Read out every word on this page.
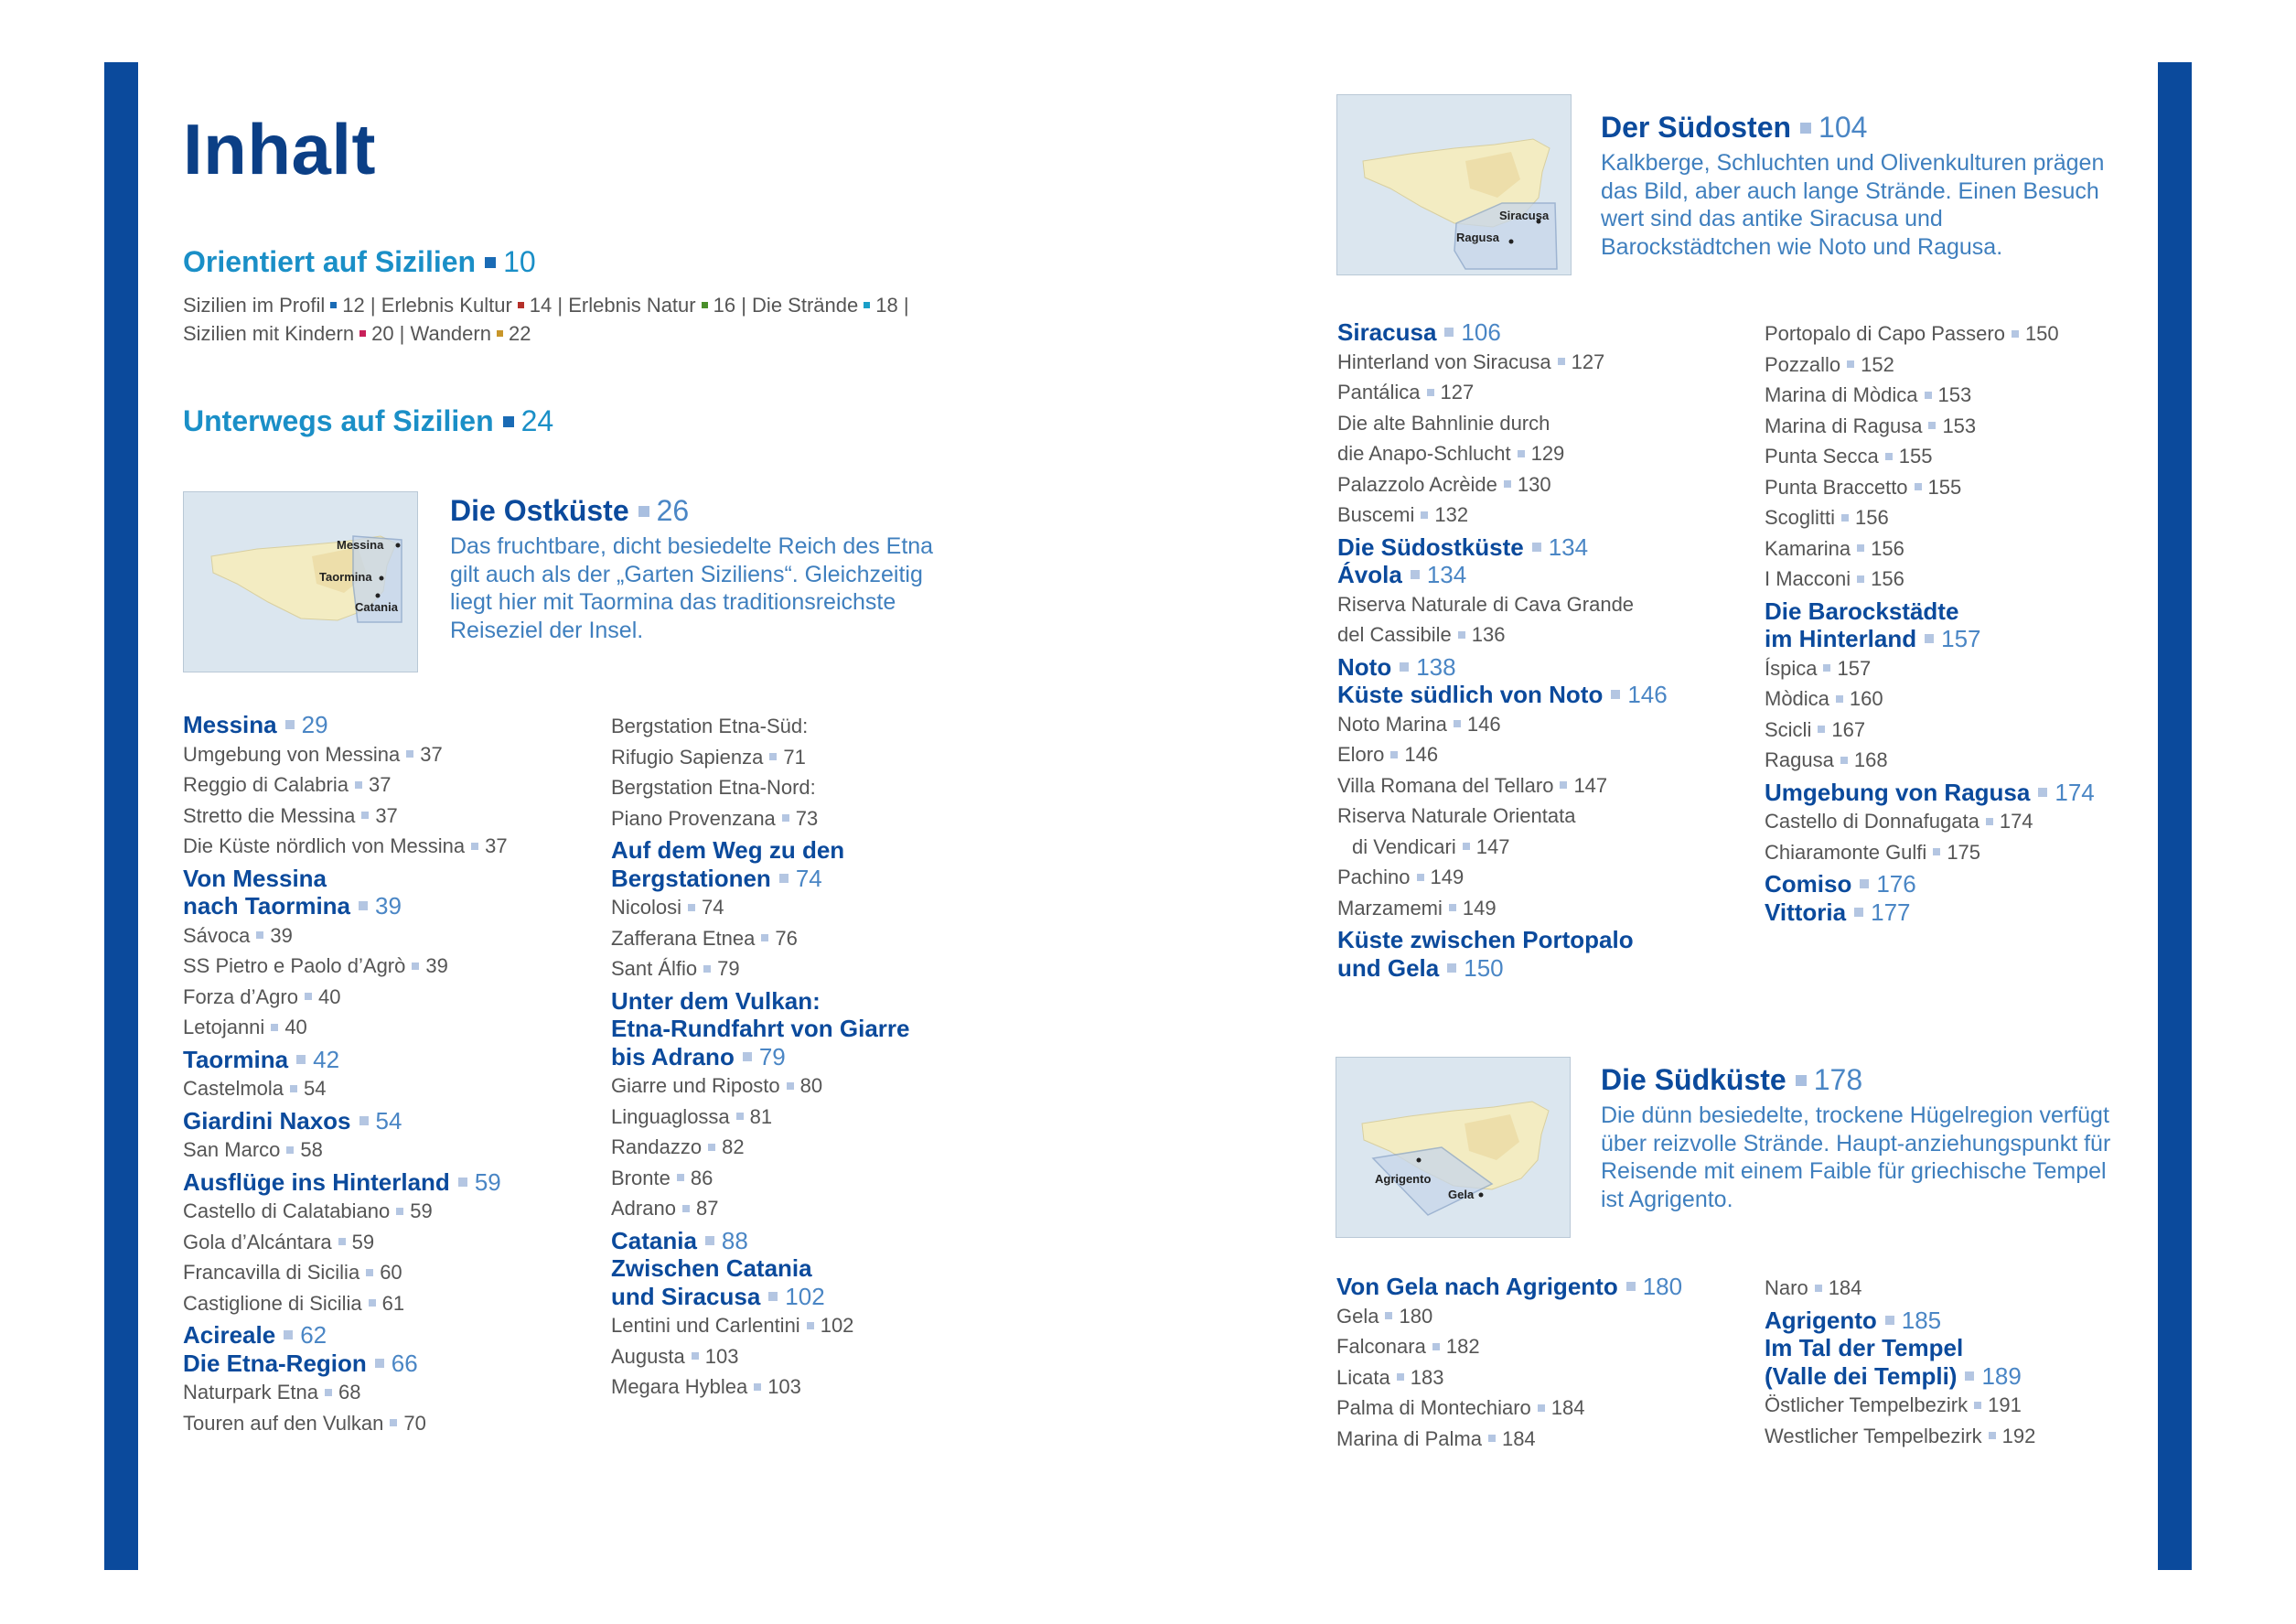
Inhalt
Orientiert auf Sizilien 10
Sizilien im Profil 12 | Erlebnis Kultur 14 | Erlebnis Natur 16 | Die Strände 18 |
Sizilien mit Kindern 20 | Wandern 22
Unterwegs auf Sizilien 24
Messina
Taormina
Catania
Die Ostküste 26
Das fruchtbare, dicht besiedelte Reich des Etna gilt auch als der „Garten Siziliens“. Gleichzeitig liegt hier mit Taormina das traditionsreichste Reiseziel der Insel.
Messina 29
Umgebung von Messina 37
Reggio di Calabria 37
Stretto die Messina 37
Die Küste nördlich von Messina 37
Von Messina
nach Taormina 39
Sávoca 39
SS Pietro e Paolo d’Agrò 39
Forza d’Agro 40
Letojanni 40
Taormina 42
Castelmola 54
Giardini Naxos 54
San Marco 58
Ausflüge ins Hinterland 59
Castello di Calatabiano 59
Gola d’Alcántara 59
Francavilla di Sicilia 60
Castiglione di Sicilia 61
Acireale 62
Die Etna-Region 66
Naturpark Etna 68
Touren auf den Vulkan 70
Bergstation Etna-Süd:
Rifugio Sapienza 71
Bergstation Etna-Nord:
Piano Provenzana 73
Auf dem Weg zu den
Bergstationen 74
Nicolosi 74
Zafferana Etnea 76
Sant Álfio 79
Unter dem Vulkan:
Etna-Rundfahrt von Giarre
bis Adrano 79
Giarre und Riposto 80
Linguaglossa 81
Randazzo 82
Bronte 86
Adrano 87
Catania 88
Zwischen Catania
und Siracusa 102
Lentini und Carlentini 102
Augusta 103
Megara Hyblea 103
Siracusa
Ragusa
Der Südosten 104
Kalkberge, Schluchten und Olivenkulturen prägen das Bild, aber auch lange Strände. Einen Besuch wert sind das antike Siracusa und Barockstädtchen wie Noto und Ragusa.
Siracusa 106
Hinterland von Siracusa 127
Pantálica 127
Die alte Bahnlinie durch
die Anapo-Schlucht 129
Palazzolo Acrèide 130
Buscemi 132
Die Südostküste 134
Ávola 134
Riserva Naturale di Cava Grande
del Cassibile 136
Noto 138
Küste südlich von Noto 146
Noto Marina 146
Eloro 146
Villa Romana del Tellaro 147
Riserva Naturale Orientata
di Vendicari 147
Pachino 149
Marzamemi 149
Küste zwischen Portopalo
und Gela 150
Portopalo di Capo Passero 150
Pozzallo 152
Marina di Mòdica 153
Marina di Ragusa 153
Punta Secca 155
Punta Braccetto 155
Scoglitti 156
Kamarina 156
I Macconi 156
Die Barockstädte
im Hinterland 157
Íspica 157
Mòdica 160
Scicli 167
Ragusa 168
Umgebung von Ragusa 174
Castello di Donnafugata 174
Chiaramonte Gulfi 175
Comiso 176
Vittoria 177
Agrigento
Gela
Die Südküste 178
Die dünn besiedelte, trockene Hügelregion verfügt über reizvolle Strände. Haupt-anziehungspunkt für Reisende mit einem Faible für griechische Tempel ist Agrigento.
Von Gela nach Agrigento 180
Gela 180
Falconara 182
Licata 183
Palma di Montechiaro 184
Marina di Palma 184
Naro 184
Agrigento 185
Im Tal der Tempel
(Valle dei Templi) 189
Östlicher Tempelbezirk 191
Westlicher Tempelbezirk 192
